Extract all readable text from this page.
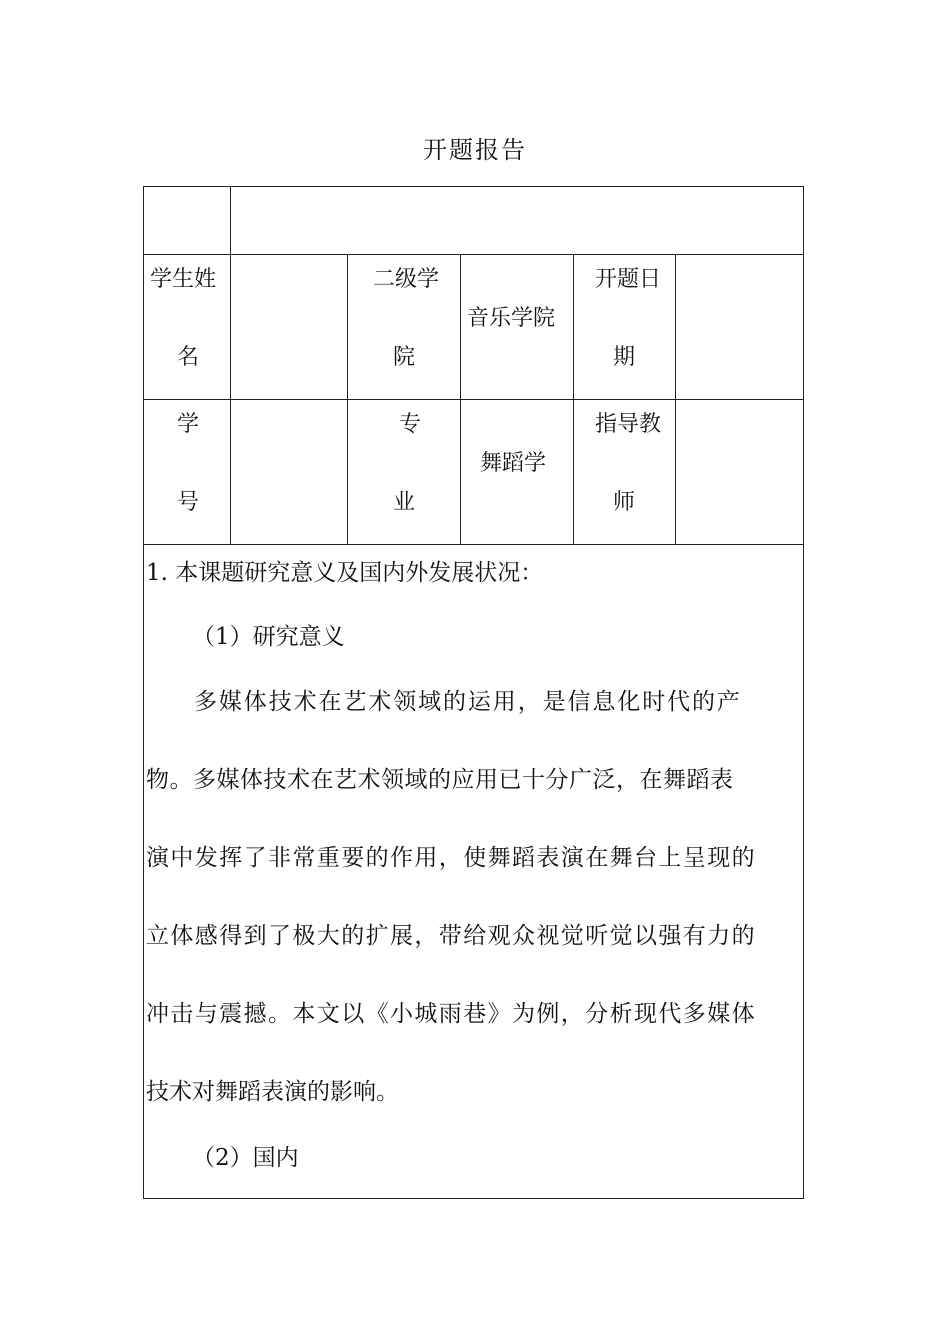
开题报告
学生姓
名
二级学
院
音乐学院
开题日
期
学
号
专
业
舞蹈学
指导教
师
1. 本课题研究意义及国内外发展状况：
（1）研究意义
多媒体技术在艺术领域的运用，是信息化时代的产
物。多媒体技术在艺术领域的应用已十分广泛，在舞蹈表
演中发挥了非常重要的作用，使舞蹈表演在舞台上呈现的
立体感得到了极大的扩展，带给观众视觉听觉以强有力的
冲击与震撼。本文以《小城雨巷》为例，分析现代多媒体
技术对舞蹈表演的影响。
（2）国内
